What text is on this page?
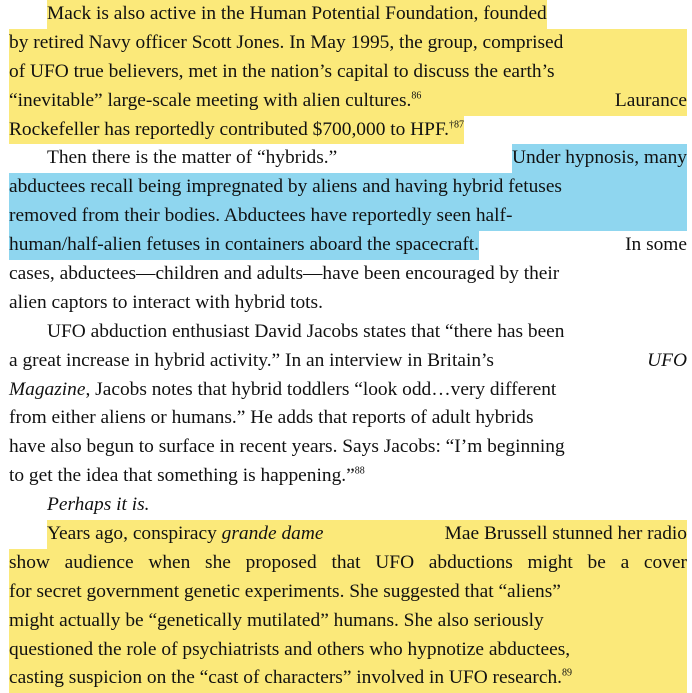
Mack is also active in the Human Potential Foundation, founded
by retired Navy officer Scott Jones. In May 1995, the group, comprised
of UFO true believers, met in the nation’s capital to discuss the earth’s
“inevitable” large-scale meeting with alien cultures.$^{86}$	Laurance
Rockefeller has reportedly contributed $700,000 to HPF.$^{\dagger 87}$
Then there is the matter of “hybrids.”	Under hypnosis, many
abductees recall being impregnated by aliens and having hybrid fetuses
removed from their bodies. Abductees have reportedly seen half-
human/half-alien fetuses in containers aboard the spacecraft.	In some
cases, abductees—children and adults—have been encouraged by their
alien captors to interact with hybrid tots.
UFO abduction enthusiast David Jacobs states that “there has been
a great increase in hybrid activity.” In an interview in Britain’s	UFO
Magazine, Jacobs notes that hybrid toddlers “look odd…very different
from either aliens or humans.” He adds that reports of adult hybrids
have also begun to surface in recent years. Says Jacobs: “I’m beginning
to get the idea that something is happening.”$^{88}$
Perhaps it is.
Years ago, conspiracy grande dame	Mae Brussell stunned her radio
show audience when she proposed that UFO abductions might be a cover
for secret government genetic experiments. She suggested that “aliens”
might actually be “genetically mutilated” humans. She also seriously
questioned the role of psychiatrists and others who hypnotize abductees,
casting suspicion on the “cast of characters” involved in UFO research.$^{89}$
